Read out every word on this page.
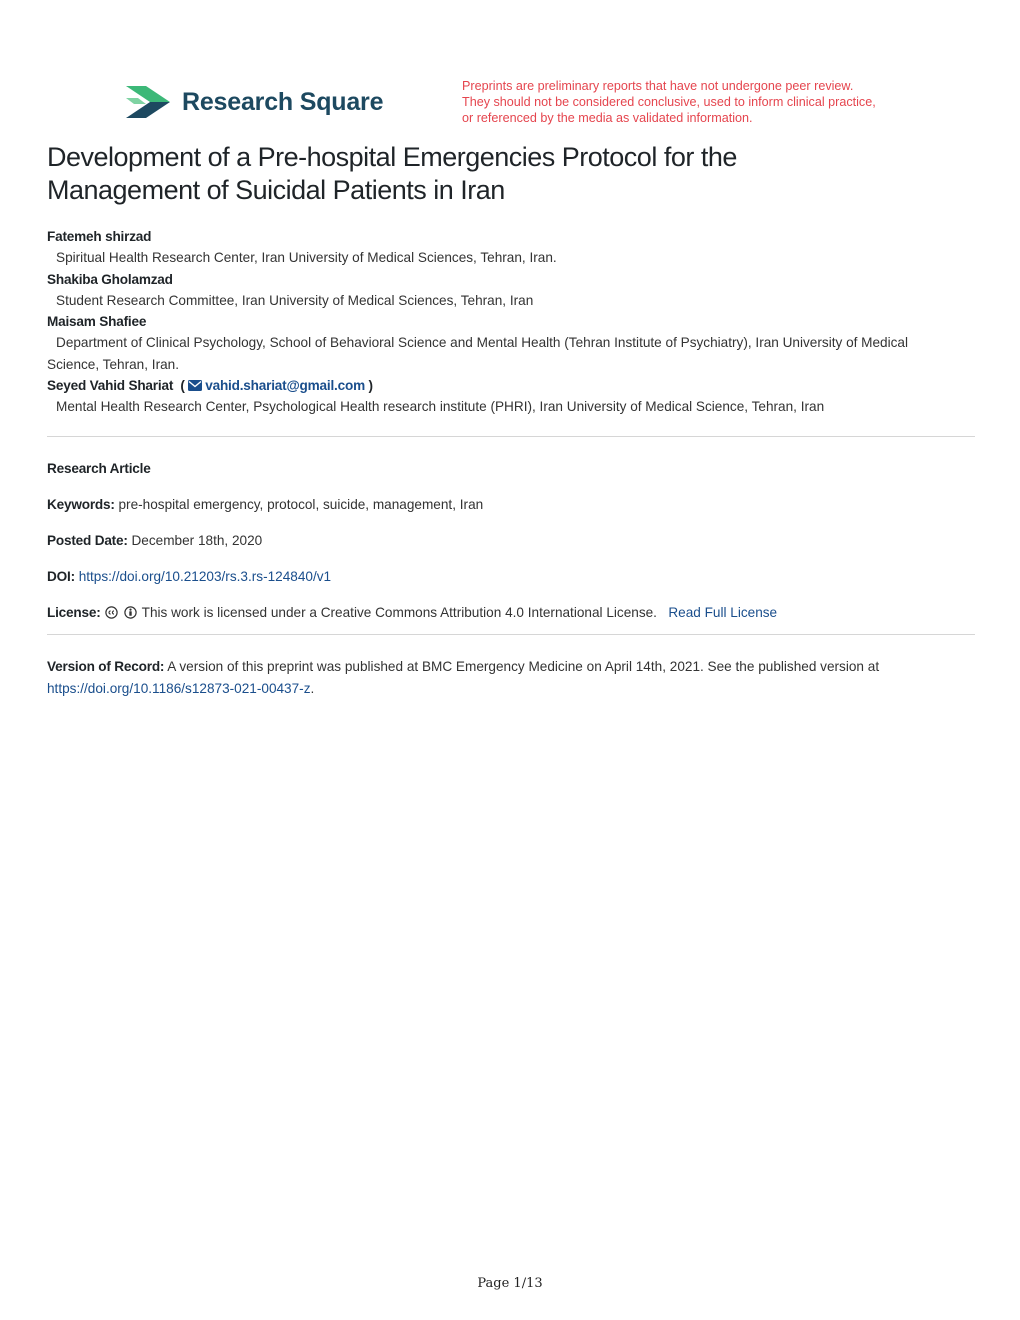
Research Square
Preprints are preliminary reports that have not undergone peer review.
They should not be considered conclusive, used to inform clinical practice,
or referenced by the media as validated information.
Development of a Pre-hospital Emergencies Protocol for the
Management of Suicidal Patients in Iran
Fatemeh shirzad
Spiritual Health Research Center, Iran University of Medical Sciences, Tehran, Iran.
Shakiba Gholamzad
Student Research Committee, Iran University of Medical Sciences, Tehran, Iran
Maisam Shafiee
Department of Clinical Psychology, School of Behavioral Science and Mental Health (Tehran Institute of Psychiatry), Iran University of Medical
Science, Tehran, Iran.
Seyed Vahid Shariat ( vahid.shariat@gmail.com )
Mental Health Research Center, Psychological Health research institute (PHRI), Iran University of Medical Science, Tehran, Iran
Research Article
Keywords: pre-hospital emergency, protocol, suicide, management, Iran
Posted Date: December 18th, 2020
DOI: https://doi.org/10.21203/rs.3.rs-124840/v1
License:	This work is licensed under a Creative Commons Attribution 4.0 International License. Read Full License
Version of Record: A version of this preprint was published at BMC Emergency Medicine on April 14th, 2021. See the published version at
https://doi.org/10.1186/s12873-021-00437-z.
Page 1/13
